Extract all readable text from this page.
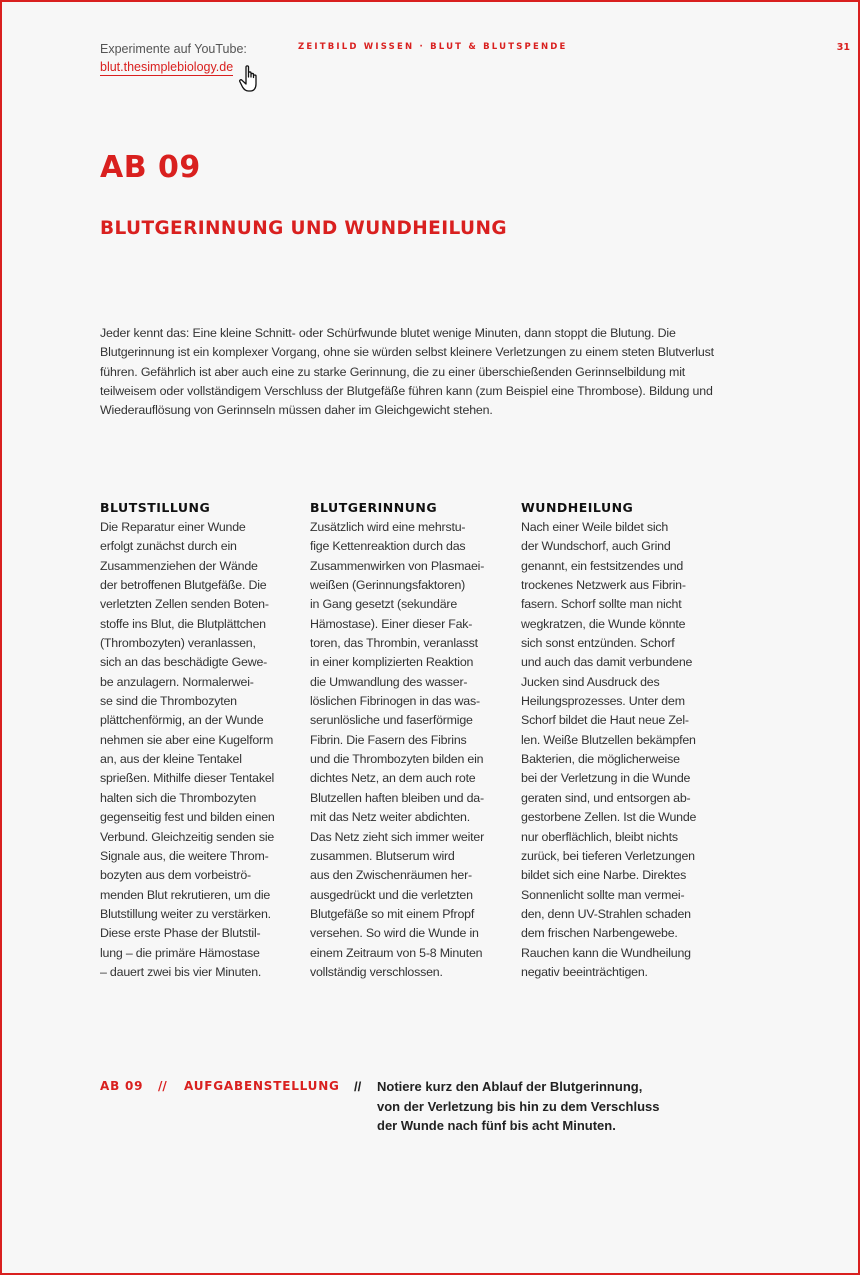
Experimente auf YouTube:
blut.thesimplebiology.de
ZEITBILD WISSEN · BLUT & BLUTSPENDE	31
AB 09
BLUTGERINNUNG UND WUNDHEILUNG
Jeder kennt das: Eine kleine Schnitt- oder Schürfwunde blutet wenige Minuten, dann stoppt die Blutung. Die Blutgerinnung ist ein komplexer Vorgang, ohne sie würden selbst kleinere Verletzungen zu einem steten Blutverlust führen. Gefährlich ist aber auch eine zu starke Gerinnung, die zu einer überschießenden Gerinnselbildung mit teilweisem oder vollständigem Verschluss der Blutgefäße führen kann (zum Beispiel eine Thrombose). Bildung und Wiederauflösung von Gerinnseln müssen daher im Gleichgewicht stehen.
BLUTSTILLUNG
Die Reparatur einer Wunde
erfolgt zunächst durch ein
Zusammenziehen der Wände
der betroffenen Blutgefäße. Die
verletzten Zellen senden Boten-
stoffe ins Blut, die Blutplättchen
(Thrombozyten) veranlassen,
sich an das beschädigte Gewe-
be anzulagern. Normalerwei-
se sind die Thrombozyten
plättchenförmig, an der Wunde
nehmen sie aber eine Kugelform
an, aus der kleine Tentakel
sprießen. Mithilfe dieser Tentakel
halten sich die Thrombozyten
gegenseitig fest und bilden einen
Verbund. Gleichzeitig senden sie
Signale aus, die weitere Throm-
bozyten aus dem vorbeiströ-
menden Blut rekrutieren, um die
Blutstillung weiter zu verstärken.
Diese erste Phase der Blutstil-
lung – die primäre Hämostase
– dauert zwei bis vier Minuten.
BLUTGERINNUNG
Zusätzlich wird eine mehrstu-
fige Kettenreaktion durch das
Zusammenwirken von Plasmaei-
weißen (Gerinnungsfaktoren)
in Gang gesetzt (sekundäre
Hämostase). Einer dieser Fak-
toren, das Thrombin, veranlasst
in einer komplizierten Reaktion
die Umwandlung des wasser-
löslichen Fibrinogen in das was-
serunlösliche und faserförmige
Fibrin. Die Fasern des Fibrins
und die Thrombozyten bilden ein
dichtes Netz, an dem auch rote
Blutzellen haften bleiben und da-
mit das Netz weiter abdichten.
Das Netz zieht sich immer weiter
zusammen. Blutserum wird
aus den Zwischenräumen her-
ausgedrückt und die verletzten
Blutgefäße so mit einem Pfropf
versehen. So wird die Wunde in
einem Zeitraum von 5-8 Minuten
vollständig verschlossen.
WUNDHEILUNG
Nach einer Weile bildet sich
der Wundschorf, auch Grind
genannt, ein festsitzendes und
trockenes Netzwerk aus Fibrin-
fasern. Schorf sollte man nicht
wegkratzen, die Wunde könnte
sich sonst entzünden. Schorf
und auch das damit verbundene
Jucken sind Ausdruck des
Heilungsprozesses. Unter dem
Schorf bildet die Haut neue Zel-
len. Weiße Blutzellen bekämpfen
Bakterien, die möglicherweise
bei der Verletzung in die Wunde
geraten sind, und entsorgen ab-
gestorbene Zellen. Ist die Wunde
nur oberflächlich, bleibt nichts
zurück, bei tieferen Verletzungen
bildet sich eine Narbe. Direktes
Sonnenlicht sollte man vermei-
den, denn UV-Strahlen schaden
dem frischen Narbengewebe.
Rauchen kann die Wundheilung
negativ beeinträchtigen.
AB 09 // AUFGABENSTELLUNG // Notiere kurz den Ablauf der Blutgerinnung,
von der Verletzung bis hin zu dem Verschluss
der Wunde nach fünf bis acht Minuten.
